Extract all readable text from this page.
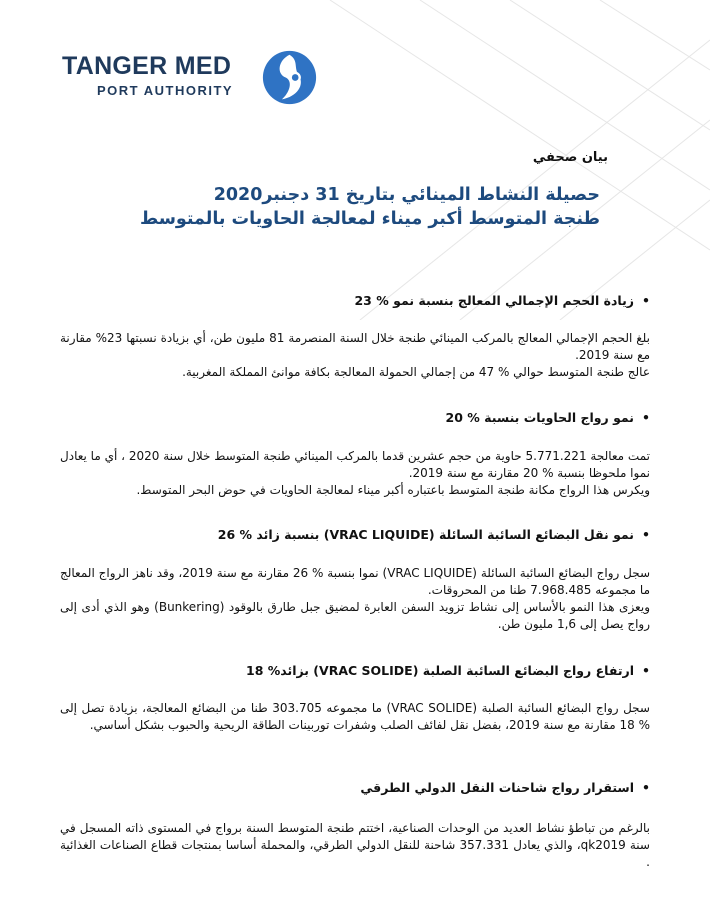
TANGER MED
PORT AUTHORITY
بيان صحفي
حصيلة النشاط المينائي بتاريخ 31 دجنبر2020
طنجة المتوسط أكبر ميناء لمعالجة الحاويات بالمتوسط
•زيادة الحجم الإجمالي المعالج بنسبة نمو % 23

بلغ الحجم الإجمالي المعالج بالمركب المينائي طنجة خلال السنة المنصرمة 81 مليون طن، أي بزيادة نسبتها 23% مقارنة مع سنة 2019.

عالج طنجة المتوسط حوالي % 47 من إجمالي الحمولة المعالجة بكافة موانئ المملكة المغربية.

•نمو رواج الحاويات بنسبة % 20

تمت معالجة 5.771.221 حاوية من حجم عشرين قدما بالمركب المينائي طنجة المتوسط خلال سنة 2020 ، أي ما يعادل نموا ملحوظا بنسبة % 20 مقارنة مع سنة 2019.

ويكرس هذا الرواج مكانة طنجة المتوسط باعتباره أكبر ميناء لمعالجة الحاويات في حوض البحر المتوسط.

•نمو نقل البضائع السائبة السائلة (VRAC LIQUIDE) بنسبة زائد % 26

سجل رواج البضائع السائبة السائلة (VRAC LIQUIDE) نموا بنسبة % 26 مقارنة مع سنة 2019، وقد ناهز الرواج المعالج ما مجموعه 7.968.485 طنا من المحروقات.

ويعزى هذا النمو بالأساس إلى نشاط تزويد السفن العابرة لمضيق جبل طارق بالوقود (Bunkering) وهو الذي أدى إلى رواج يصل إلى 1,6 مليون طن.

•ارتفاع رواج البضائع السائبة الصلبة (VRAC SOLIDE) بزائد% 18

سجل رواج البضائع السائبة الصلبة (VRAC SOLIDE) ما مجموعه 303.705 طنا من البضائع المعالجة، بزيادة تصل إلى % 18 مقارنة مع سنة 2019، بفضل نقل لفائف الصلب وشفرات توربينات الطاقة الريحية والحبوب بشكل أساسي.

•استقرار رواج شاحنات النقل الدولي الطرقي

بالرغم من تباطؤ نشاط العديد من الوحدات الصناعية، اختتم طنجة المتوسط السنة برواج في المستوى ذاته المسجل في سنة qk2019، والذي يعادل 357.331 شاحنة للنقل الدولي الطرقي، والمحملة أساسا بمنتجات قطاع الصناعات الغذائية .
